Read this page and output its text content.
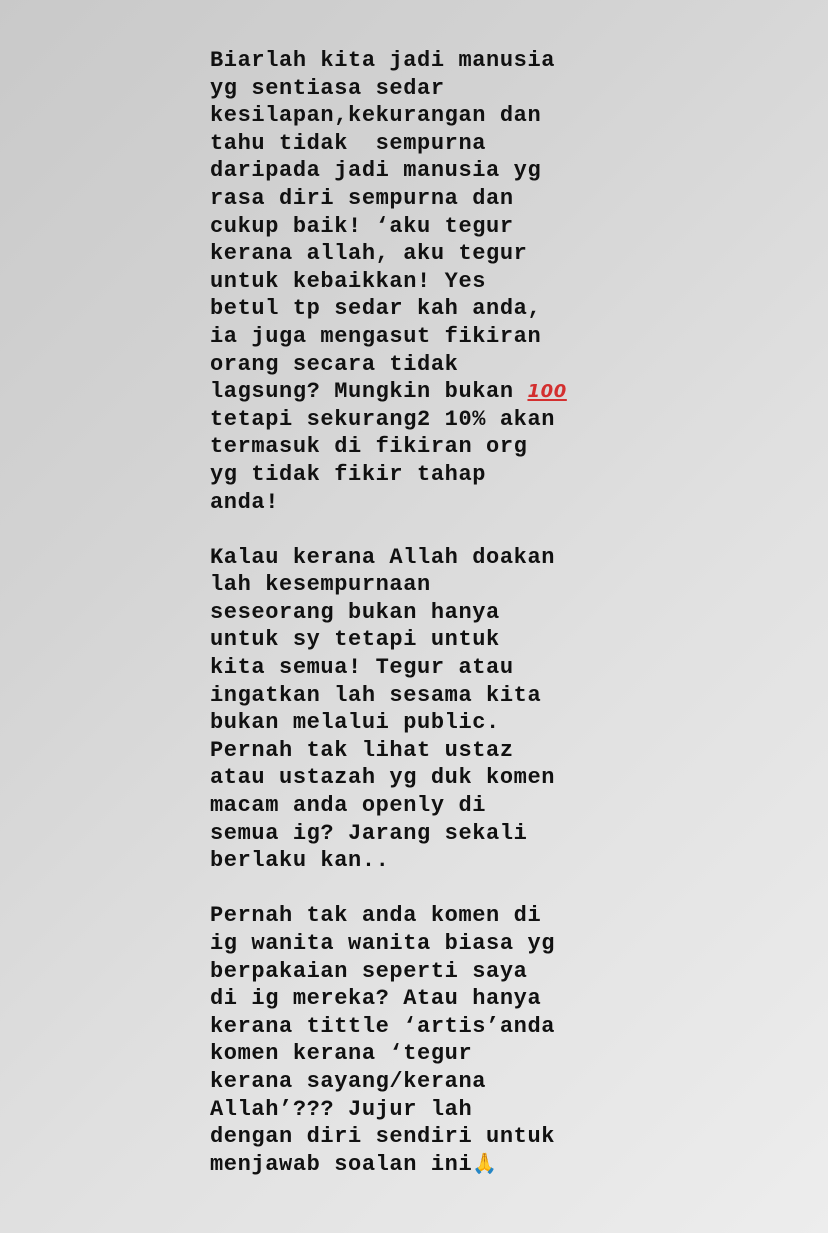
Biarlah kita jadi manusia
yg sentiasa sedar
kesilapan,kekurangan dan
tahu tidak  sempurna
daripada jadi manusia yg
rasa diri sempurna dan
cukup baik! ‘aku tegur
kerana allah, aku tegur
untuk kebaikkan! Yes
betul tp sedar kah anda,
ia juga mengasut fikiran
orang secara tidak
lagsung? Mungkin bukan 100
tetapi sekurang2 10% akan
termasuk di fikiran org
yg tidak fikir tahap
anda!

Kalau kerana Allah doakan
lah kesempurnaan
seseorang bukan hanya
untuk sy tetapi untuk
kita semua! Tegur atau
ingatkan lah sesama kita
bukan melalui public.
Pernah tak lihat ustaz
atau ustazah yg duk komen
macam anda openly di
semua ig? Jarang sekali
berlaku kan..

Pernah tak anda komen di
ig wanita wanita biasa yg
berpakaian seperti saya
di ig mereka? Atau hanya
kerana tittle ‘artis’anda
komen kerana ‘tegur
kerana sayang/kerana
Allah’??? Jujur lah
dengan diri sendiri untuk
menjawab soalan ini🙏
